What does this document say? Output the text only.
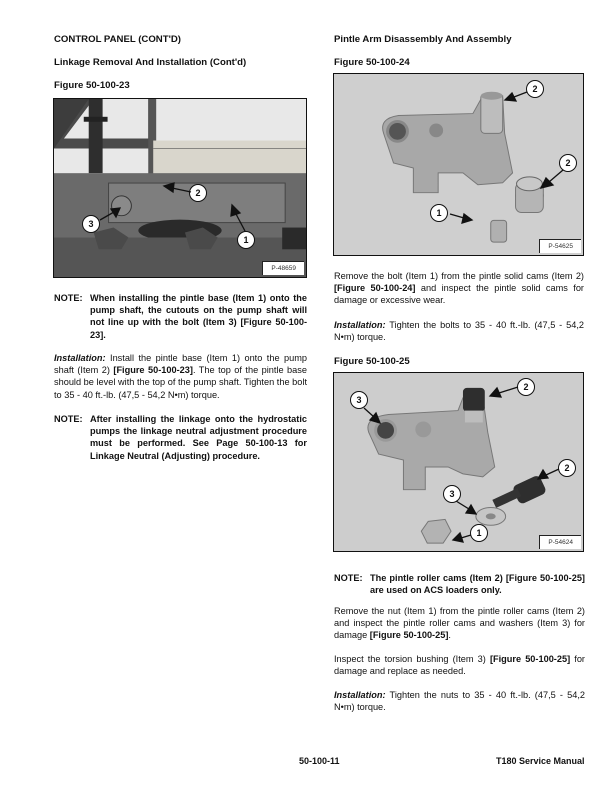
CONTROL PANEL (CONT'D)
Linkage Removal And Installation (Cont'd)
Figure 50-100-23
2
3
1
P-48659
NOTE: When installing the pintle base (Item 1) onto the pump shaft, the cutouts on the pump shaft will not line up with the bolt (Item 3) [Figure 50-100-23].
Installation: Install the pintle base (Item 1) onto the pump shaft (Item 2) [Figure 50-100-23]. The top of the pintle base should be level with the top of the pump shaft. Tighten the bolt to 35 - 40 ft.-lb. (47,5 - 54,2 N•m) torque.
NOTE: After installing the linkage onto the hydrostatic pumps the linkage neutral adjustment procedure must be performed. See Page 50-100-13 for Linkage Neutral (Adjusting) procedure.
Pintle Arm Disassembly And Assembly
Figure 50-100-24
2
2
1
P-54625
Remove the bolt (Item 1) from the pintle solid cams (Item 2) [Figure 50-100-24] and inspect the pintle solid cams for damage or excessive wear.
Installation: Tighten the bolts to 35 - 40 ft.-lb. (47,5 - 54,2 N•m) torque.
Figure 50-100-25
3
2
2
3
1
P-54624
NOTE: The pintle roller cams (Item 2) [Figure 50-100-25] are used on ACS loaders only.
Remove the nut (Item 1) from the pintle roller cams (Item 2) and inspect the pintle roller cams and washers (Item 3) for damage [Figure 50-100-25].
Inspect the torsion bushing (Item 3) [Figure 50-100-25] for damage and replace as needed.
Installation: Tighten the nuts to 35 - 40 ft.-lb. (47,5 - 54,2 N•m) torque.
50-100-11	T180 Service Manual
